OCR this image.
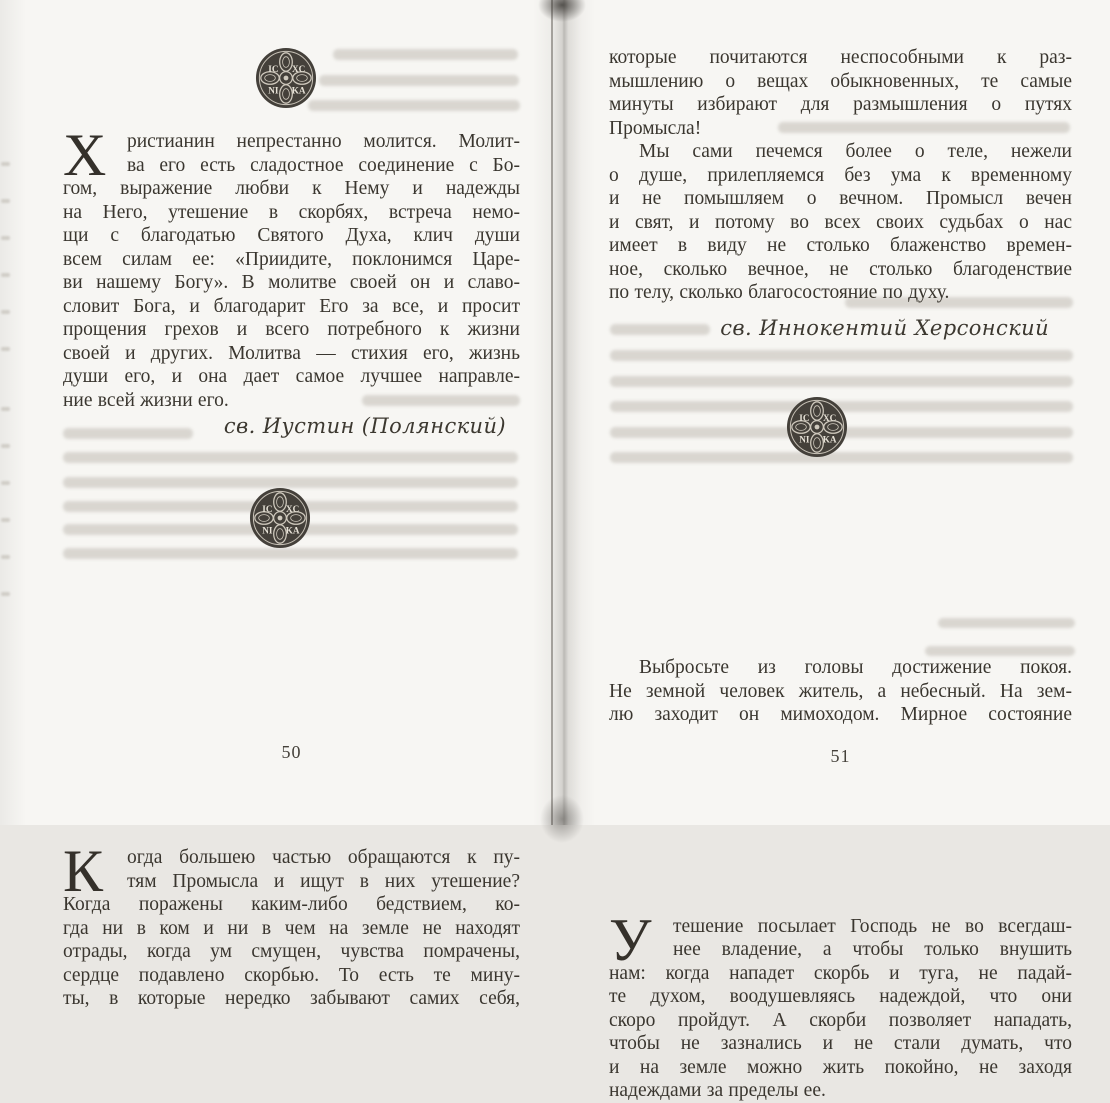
IC XC
NI KA
Х	ристианин непрестанно молится. Молит-
ва его есть сладостное соединение с Бо-
гом, выражение любви к Нему и надежды
на Него, утешение в скорбях, встреча немо-
щи с благодатью Святого Духа, клич души
всем силам ее: «Приидите, поклонимся Царе-
ви нашему Богу». В молитве своей он и славо-
словит Бога, и благодарит Его за все, и просит
прощения грехов и всего потребного к жизни
своей и других. Молитва — стихия его, жизнь
души его, и она дает самое лучшее направле-
ние всей жизни его.
св. Иустин (Полянский)
IC XC
NI KA
К	огда большею частью обращаются к пу-
тям Промысла и ищут в них утешение?
Когда поражены каким-либо бедствием, ко-
гда ни в ком и ни в чем на земле не находят
отрады, когда ум смущен, чувства помрачены,
сердце подавлено скорбью. То есть те мину-
ты, в которые нередко забывают самих себя,
50
которые почитаются неспособными к раз-
мышлению о вещах обыкновенных, те самые
минуты избирают для размышления о путях
Промысла!
Мы сами печемся более о теле, нежели
о душе, прилепляемся без ума к временному
и не помышляем о вечном. Промысл вечен
и свят, и потому во всех своих судьбах о нас
имеет в виду не столько блаженство времен-
ное, сколько вечное, не столько благоденствие
по телу, сколько благосостояние по духу.
св. Иннокентий Херсонский
IC XC
NI KA
У	тешение посылает Господь не во всегдаш-
нее владение, а чтобы только внушить
нам: когда нападет скорбь и туга, не падай-
те духом, воодушевляясь надеждой, что они
скоро пройдут. А скорби позволяет нападать,
чтобы не зазнались и не стали думать, что
и на земле можно жить покойно, не заходя
надеждами за пределы ее.
Выбросьте из головы достижение покоя.
Не земной человек житель, а небесный. На зем-
лю заходит он мимоходом. Мирное состояние
51
